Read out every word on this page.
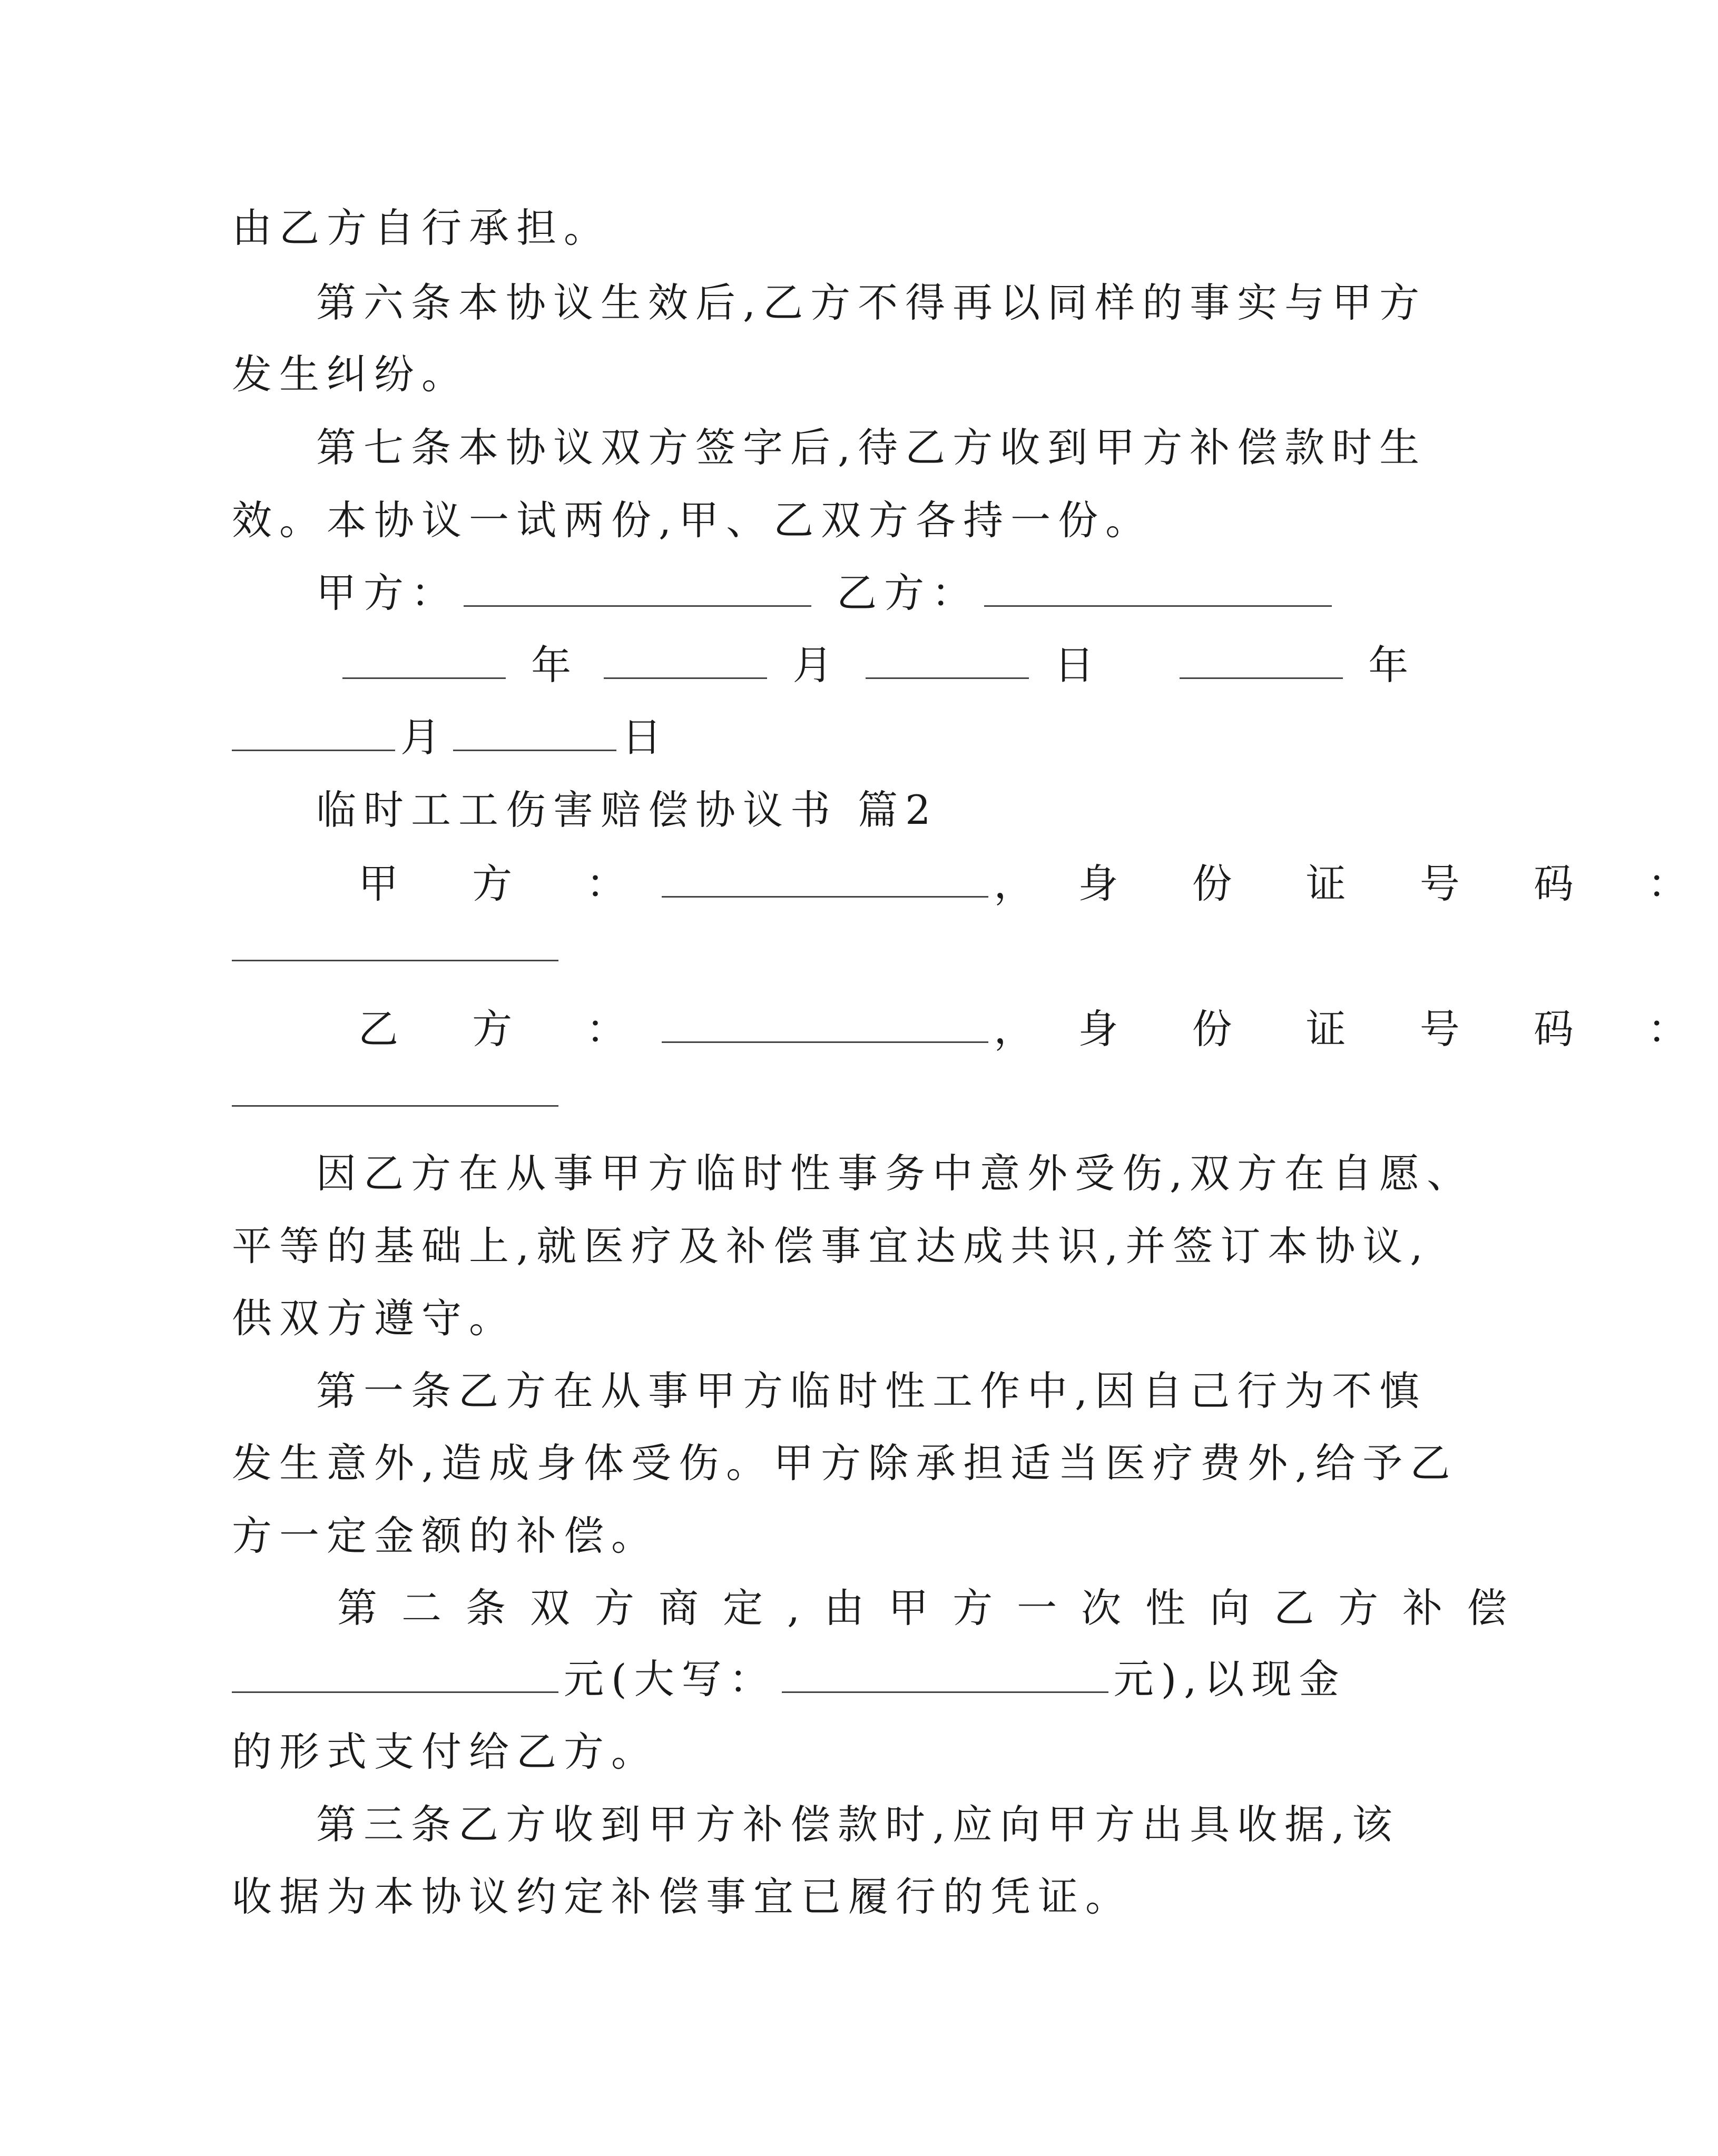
由乙方自行承担。
第六条本协议生效后,乙方不得再以同样的事实与甲方
发生纠纷。
第七条本协议双方签字后,待乙方收到甲方补偿款时生
效。本协议一试两份,甲、乙双方各持一份。
甲方：	乙方：
年	月	日	年
月	日
临时工工伤害赔偿协议书 篇2
甲 方 ：	， 身 份 证 号 码 ：
乙 方 ：	， 身 份 证 号 码 ：
因乙方在从事甲方临时性事务中意外受伤,双方在自愿、
平等的基础上,就医疗及补偿事宜达成共识,并签订本协议,
供双方遵守。
第一条乙方在从事甲方临时性工作中,因自己行为不慎
发生意外,造成身体受伤。甲方除承担适当医疗费外,给予乙
方一定金额的补偿。
第二条双方商定,由甲方一次性向乙方补偿
元(大写：	元),以现金
的形式支付给乙方。
第三条乙方收到甲方补偿款时,应向甲方出具收据,该
收据为本协议约定补偿事宜已履行的凭证。
